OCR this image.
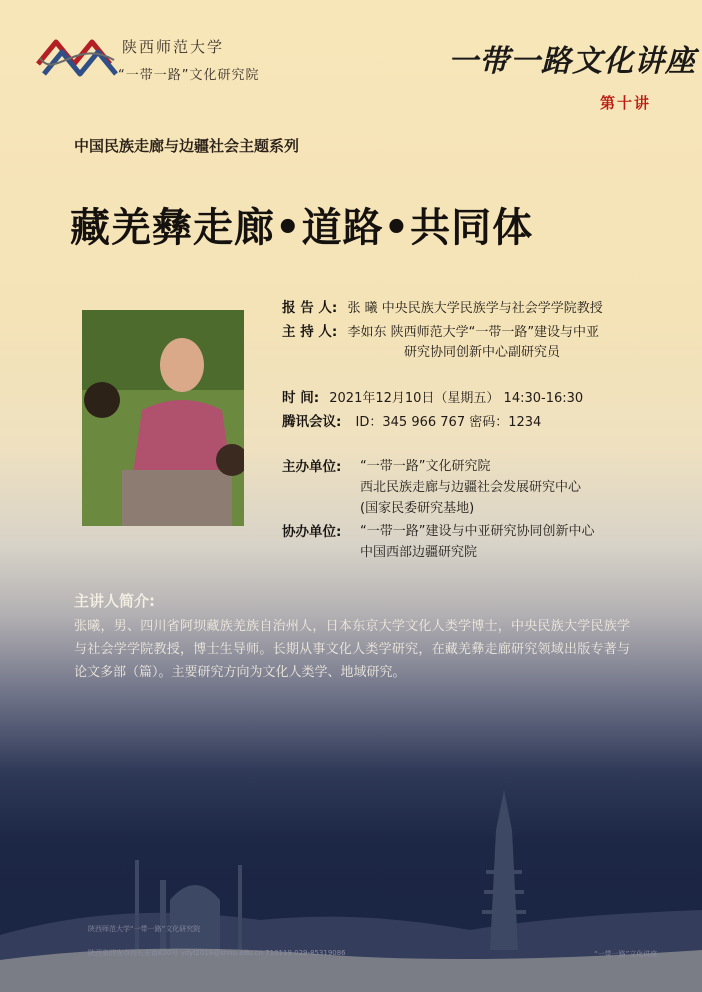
陕西师范大学
“一带一路”文化研究院	一带一路文化讲座
第十讲
中国民族走廊与边疆社会主题系列
藏羌彝走廊•道路•共同体
报 告 人: 张 曦 中央民族大学民族学与社会学学院教授
主 持 人: 李如东 陕西师范大学“一带一路”建设与中亚
研究协同创新中心副研究员
时 间: 2021年12月10日（星期五） 14:30-16:30
腾讯会议: ID：345 966 767 密码：1234
主办单位: “一带一路”文化研究院
西北民族走廊与边疆社会发展研究中心
(国家民委研究基地)
协办单位: “一带一路”建设与中亚研究协同创新中心
中国西部边疆研究院
主讲人简介:
张曦，男、四川省阿坝藏族羌族自治州人，日本东京大学文化人类学博士，中央民族大学民族学与社会学学院教授，博士生导师。长期从事文化人类学研究，在藏羌彝走廊研究领域出版专著与论文多部（篇）。主要研究方向为文化人类学、地域研究。
陕西师范大学“一带一路”文化研究院
陕西省西安市西长安街620号 ydyl2018@snnu.edu.cn 710119 029-85319086	“一带一路”文化讲座
